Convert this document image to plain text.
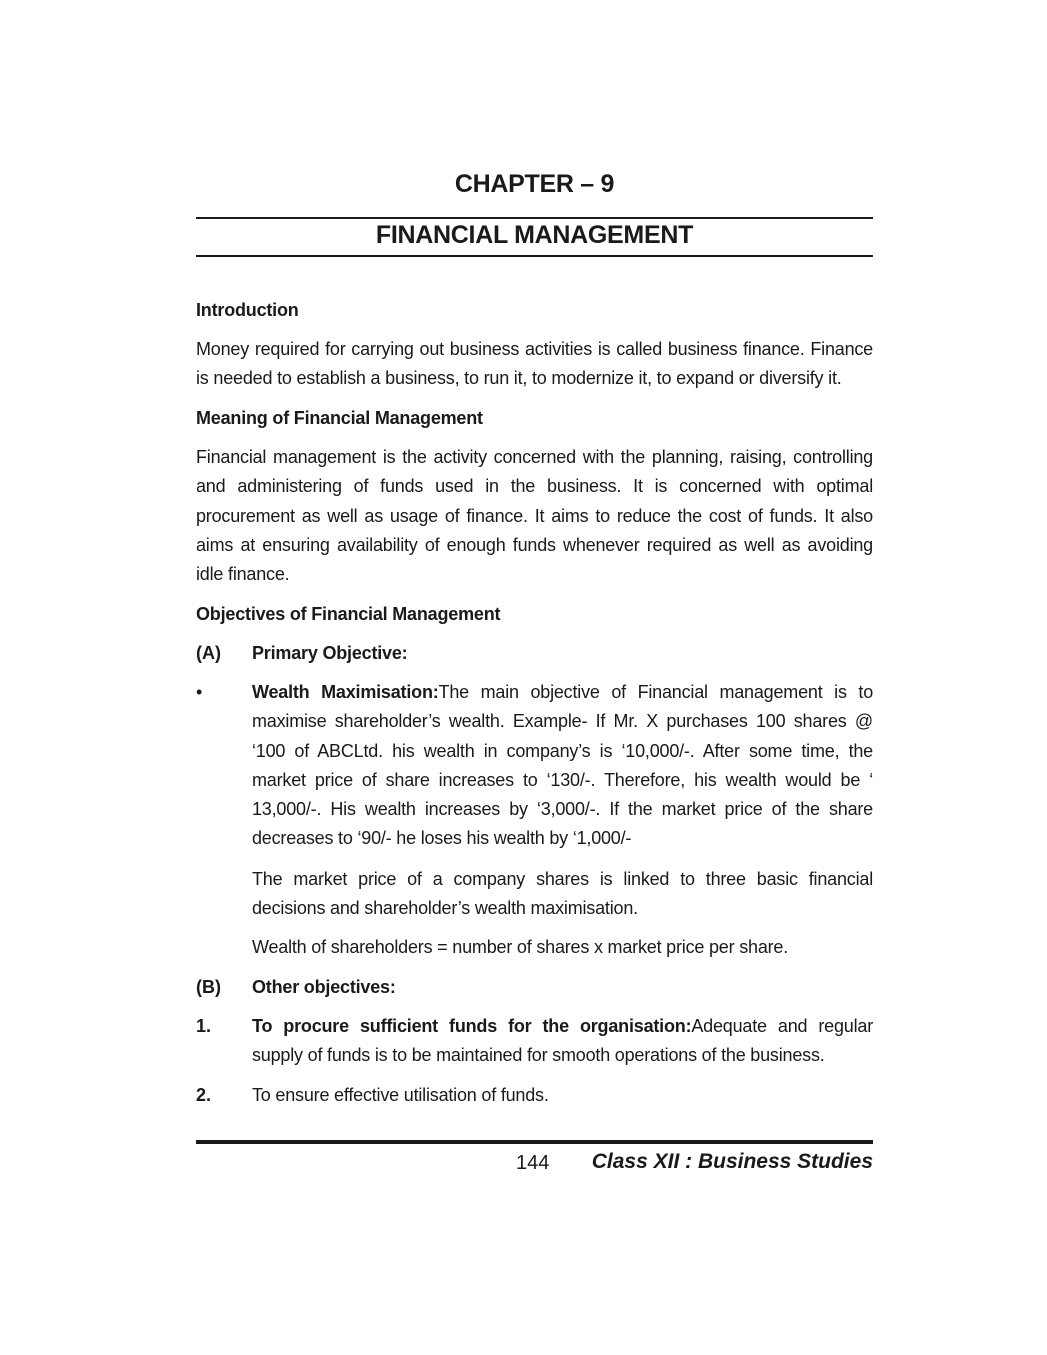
CHAPTER – 9
FINANCIAL MANAGEMENT
Introduction

Money required for carrying out business activities is called business finance. Finance is needed to establish a business, to run it, to modernize it, to expand or diversify it.

Meaning of Financial Management

Financial management is the activity concerned with the planning, raising, controlling and administering of funds used in the business. It is concerned with optimal procurement as well as usage of finance. It aims to reduce the cost of funds. It also aims at ensuring availability of enough funds whenever required as well as avoiding idle finance.

Objectives of Financial Management
(A) Primary Objective:
•	Wealth Maximisation:The main objective of Financial management is to maximise shareholder’s wealth. Example- If Mr. X purchases 100 shares @ ‘100 of ABCLtd. his wealth in company’s is ‘10,000/-. After some time, the market price of share increases to ‘130/-. Therefore, his wealth would be ‘ 13,000/-. His wealth increases by ‘3,000/-. If the market price of the share decreases to ‘90/- he loses his wealth by ‘1,000/-

The market price of a company shares is linked to three basic financial decisions and shareholder’s wealth maximisation.

Wealth of shareholders = number of shares x market price per share.

(B) Other objectives:
1. To procure sufficient funds for the organisation:Adequate and regular supply of funds is to be maintained for smooth operations of the business.

2. To ensure effective utilisation of funds.

144 Class XII : Business Studies
